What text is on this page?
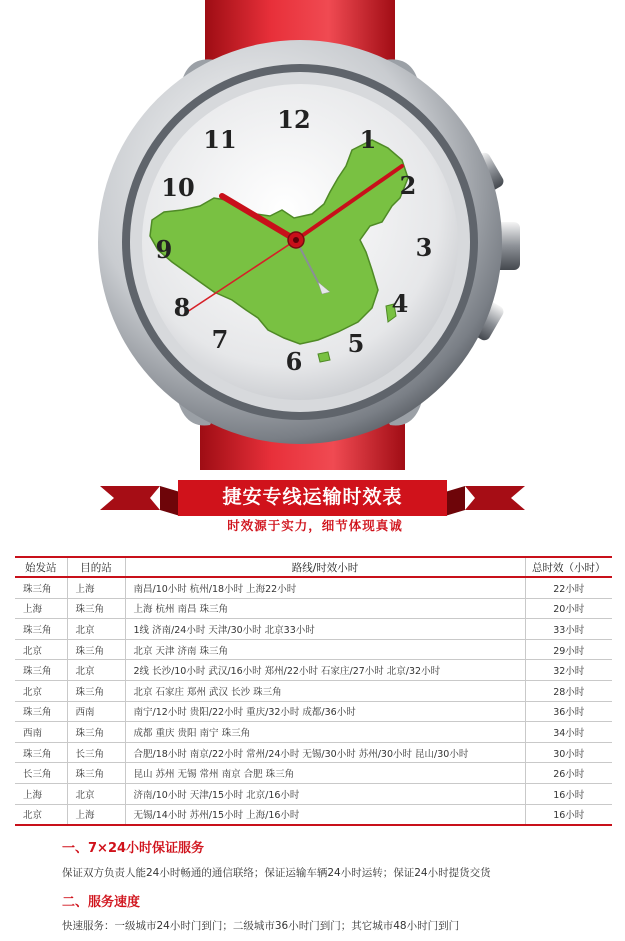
12
1
2
3
4
5
6
7
8
9
10
11
捷安专线运输时效表
时效源于实力，细节体现真诚
始发站	目的站	路线/时效小时	总时效（小时）
珠三角	上海	南昌/10小时 杭州/18小时 上海22小时	22小时
上海	珠三角	上海 杭州 南昌 珠三角	20小时
珠三角	北京	1线 济南/24小时 天津/30小时 北京33小时	33小时
北京	珠三角	北京 天津 济南 珠三角	29小时
珠三角	北京	2线 长沙/10小时 武汉/16小时 郑州/22小时 石家庄/27小时 北京/32小时	32小时
北京	珠三角	北京 石家庄 郑州 武汉 长沙 珠三角	28小时
珠三角	西南	南宁/12小时 贵阳/22小时 重庆/32小时 成都/36小时	36小时
西南	珠三角	成都 重庆 贵阳 南宁 珠三角	34小时
珠三角	长三角	合肥/18小时 南京/22小时 常州/24小时 无锡/30小时 苏州/30小时 昆山/30小时	30小时
长三角	珠三角	昆山 苏州 无锡 常州 南京 合肥 珠三角	26小时
上海	北京	济南/10小时 天津/15小时 北京/16小时	16小时
北京	上海	无锡/14小时 苏州/15小时 上海/16小时	16小时
一、7×24小时保证服务
保证双方负责人能24小时畅通的通信联络；保证运输车辆24小时运转；保证24小时提货交货
二、服务速度
快速服务：一级城市24小时门到门；二级城市36小时门到门；其它城市48小时门到门
